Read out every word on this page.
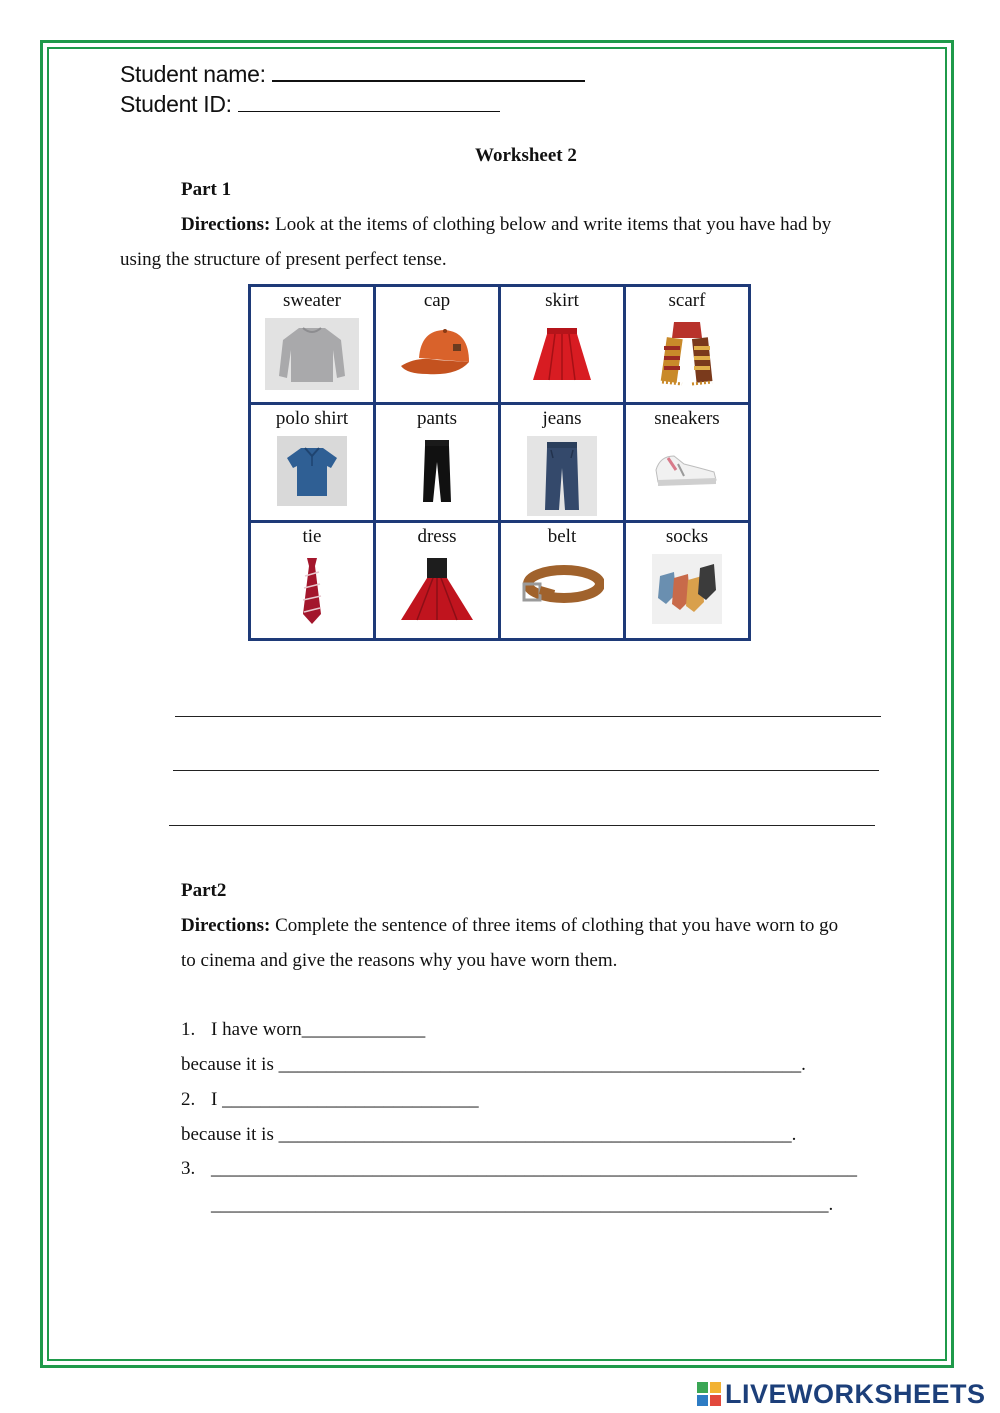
Student name:
Student ID:
Worksheet 2
Part 1
Directions: Look at the items of clothing below and write items that you have had by
using the structure of present perfect tense.
sweater	cap	skirt	scarf

polo shirt	pants	jeans	sneakers

tie	dress	belt	socks
Part2
Directions: Complete the sentence of three items of clothing that you have worn to go
to cinema and give the reasons why you have worn them.
1. I have worn_____________
because it is _______________________________________________________.
2. I ___________________________
because it is ______________________________________________________.
3. ____________________________________________________________________
_________________________________________________________________.
LIVEWORKSHEETS
